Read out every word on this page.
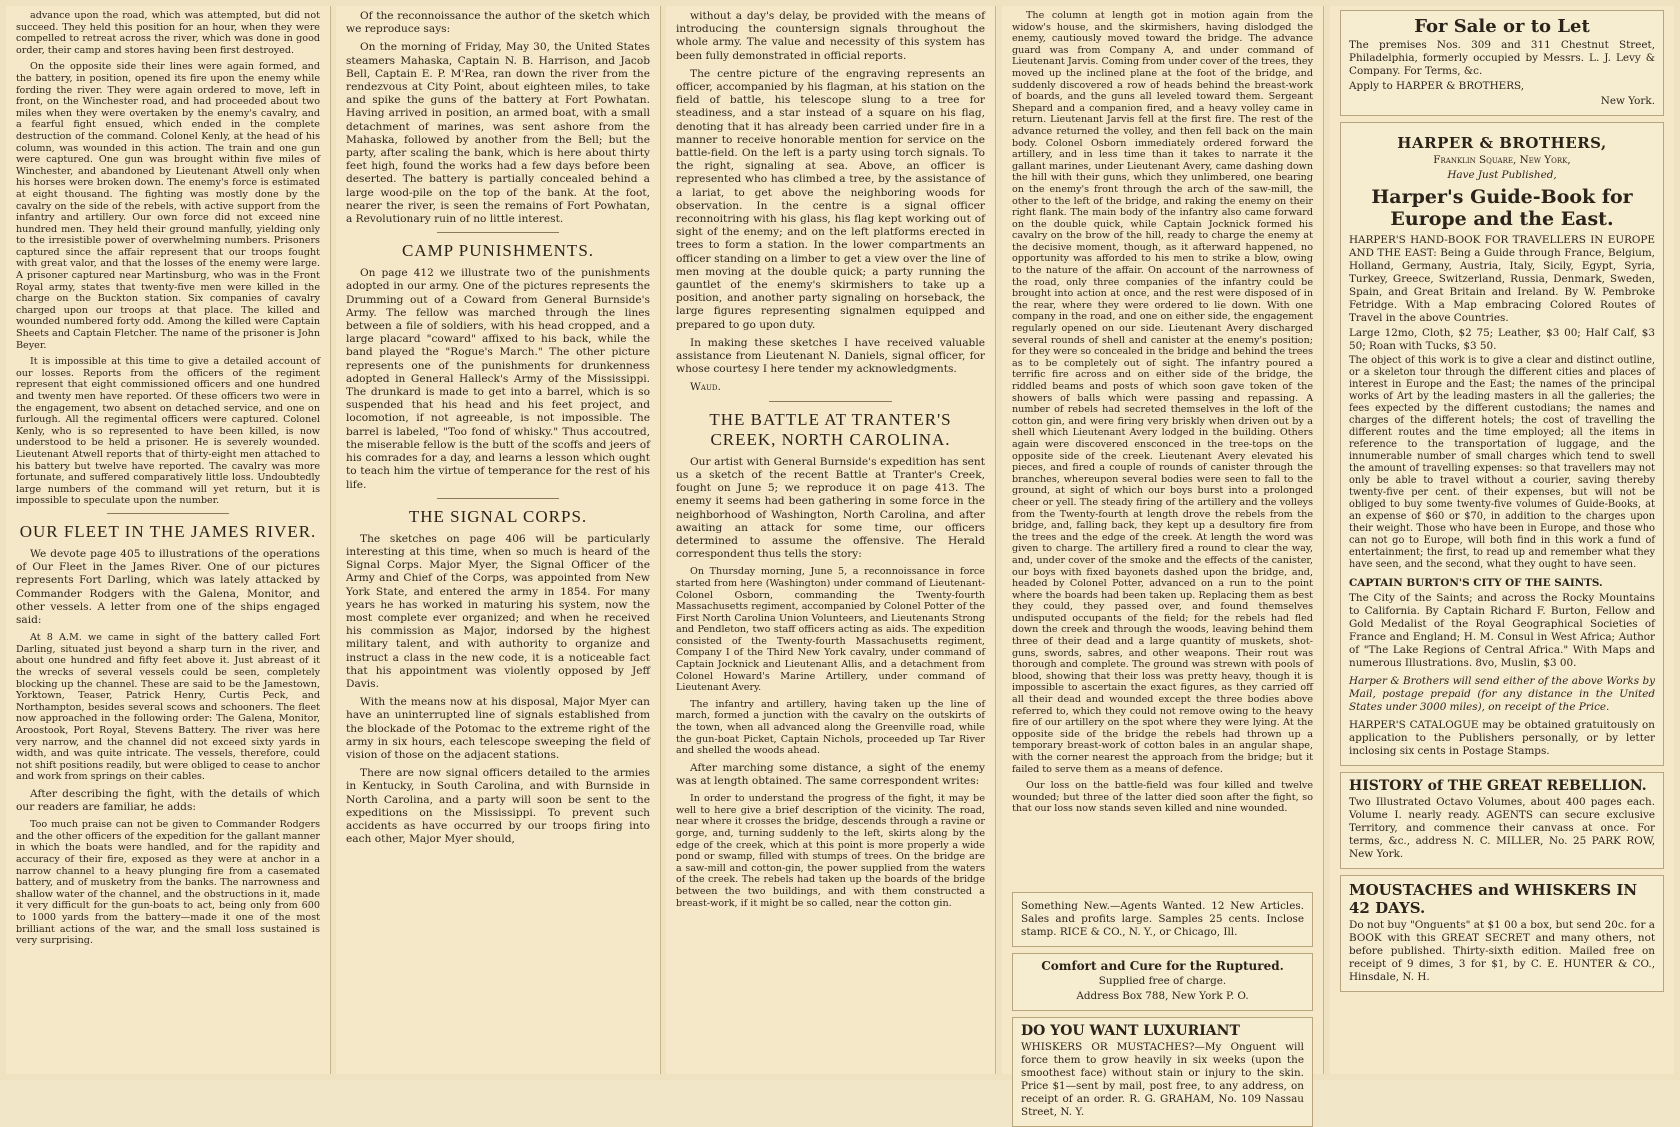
advance upon the road, which was attempted, but did not succeed. They held this position for an hour, when they were compelled to retreat across the river, which was done in good order, their camp and stores having been first destroyed.

On the opposite side their lines were again formed, and the battery, in position, opened its fire upon the enemy while fording the river. They were again ordered to move, left in front, on the Winchester road, and had proceeded about two miles when they were overtaken by the enemy's cavalry, and a fearful fight ensued, which ended in the complete destruction of the command. Colonel Kenly, at the head of his column, was wounded in this action. The train and one gun were captured. One gun was brought within five miles of Winchester, and abandoned by Lieutenant Atwell only when his horses were broken down. The enemy's force is estimated at eight thousand. The fighting was mostly done by the cavalry on the side of the rebels, with active support from the infantry and artillery. Our own force did not exceed nine hundred men. They held their ground manfully, yielding only to the irresistible power of overwhelming numbers. Prisoners captured since the affair represent that our troops fought with great valor, and that the losses of the enemy were large. A prisoner captured near Martinsburg, who was in the Front Royal army, states that twenty-five men were killed in the charge on the Buckton station. Six companies of cavalry charged upon our troops at that place. The killed and wounded numbered forty odd. Among the killed were Captain Sheets and Captain Fletcher. The name of the prisoner is John Beyer.

It is impossible at this time to give a detailed account of our losses. Reports from the officers of the regiment represent that eight commissioned officers and one hundred and twenty men have reported. Of these officers two were in the engagement, two absent on detached service, and one on furlough. All the regimental officers were captured. Colonel Kenly, who is so represented to have been killed, is now understood to be held a prisoner. He is severely wounded. Lieutenant Atwell reports that of thirty-eight men attached to his battery but twelve have reported. The cavalry was more fortunate, and suffered comparatively little loss. Undoubtedly large numbers of the command will yet return, but it is impossible to speculate upon the number.

OUR FLEET IN THE JAMES RIVER.

We devote page 405 to illustrations of the operations of Our Fleet in the James River. One of our pictures represents Fort Darling, which was lately attacked by Commander Rodgers with the Galena, Monitor, and other vessels. A letter from one of the ships engaged said:

At 8 A.M. we came in sight of the battery called Fort Darling, situated just beyond a sharp turn in the river, and about one hundred and fifty feet above it. Just abreast of it the wrecks of several vessels could be seen, completely blocking up the channel. These are said to be the Jamestown, Yorktown, Teaser, Patrick Henry, Curtis Peck, and Northampton, besides several scows and schooners. The fleet now approached in the following order: The Galena, Monitor, Aroostook, Port Royal, Stevens Battery. The river was here very narrow, and the channel did not exceed sixty yards in width, and was quite intricate. The vessels, therefore, could not shift positions readily, but were obliged to cease to anchor and work from springs on their cables.

After describing the fight, with the details of which our readers are familiar, he adds:

Too much praise can not be given to Commander Rodgers and the other officers of the expedition for the gallant manner in which the boats were handled, and for the rapidity and accuracy of their fire, exposed as they were at anchor in a narrow channel to a heavy plunging fire from a casemated battery, and of musketry from the banks. The narrowness and shallow water of the channel, and the obstructions in it, made it very difficult for the gun-boats to act, being only from 600 to 1000 yards from the battery—made it one of the most brilliant actions of the war, and the small loss sustained is very surprising.

Of the reconnoissance the author of the sketch which we reproduce says:

On the morning of Friday, May 30, the United States steamers Mahaska, Captain N. B. Harrison, and Jacob Bell, Captain E. P. M'Rea, ran down the river from the rendezvous at City Point, about eighteen miles, to take and spike the guns of the battery at Fort Powhatan. Having arrived in position, an armed boat, with a small detachment of marines, was sent ashore from the Mahaska, followed by another from the Bell; but the party, after scaling the bank, which is here about thirty feet high, found the works had a few days before been deserted. The battery is partially concealed behind a large wood-pile on the top of the bank. At the foot, nearer the river, is seen the remains of Fort Powhatan, a Revolutionary ruin of no little interest.

CAMP PUNISHMENTS.

On page 412 we illustrate two of the punishments adopted in our army. One of the pictures represents the Drumming out of a Coward from General Burnside's Army. The fellow was marched through the lines between a file of soldiers, with his head cropped, and a large placard "coward" affixed to his back, while the band played the "Rogue's March." The other picture represents one of the punishments for drunkenness adopted in General Halleck's Army of the Mississippi. The drunkard is made to get into a barrel, which is so suspended that his head and his feet project, and locomotion, if not agreeable, is not impossible. The barrel is labeled, "Too fond of whisky." Thus accoutred, the miserable fellow is the butt of the scoffs and jeers of his comrades for a day, and learns a lesson which ought to teach him the virtue of temperance for the rest of his life.

THE SIGNAL CORPS.

The sketches on page 406 will be particularly interesting at this time, when so much is heard of the Signal Corps. Major Myer, the Signal Officer of the Army and Chief of the Corps, was appointed from New York State, and entered the army in 1854. For many years he has worked in maturing his system, now the most complete ever organized; and when he received his commission as Major, indorsed by the highest military talent, and with authority to organize and instruct a class in the new code, it is a noticeable fact that his appointment was violently opposed by Jeff Davis.

With the means now at his disposal, Major Myer can have an uninterrupted line of signals established from the blockade of the Potomac to the extreme right of the army in six hours, each telescope sweeping the field of vision of those on the adjacent stations.

There are now signal officers detailed to the armies in Kentucky, in South Carolina, and with Burnside in North Carolina, and a party will soon be sent to the expeditions on the Mississippi. To prevent such accidents as have occurred by our troops firing into each other, Major Myer should,

without a day's delay, be provided with the means of introducing the countersign signals throughout the whole army. The value and necessity of this system has been fully demonstrated in official reports.

The centre picture of the engraving represents an officer, accompanied by his flagman, at his station on the field of battle, his telescope slung to a tree for steadiness, and a star instead of a square on his flag, denoting that it has already been carried under fire in a manner to receive honorable mention for service on the battle-field. On the left is a party using torch signals. To the right, signaling at sea. Above, an officer is represented who has climbed a tree, by the assistance of a lariat, to get above the neighboring woods for observation. In the centre is a signal officer reconnoitring with his glass, his flag kept working out of sight of the enemy; and on the left platforms erected in trees to form a station. In the lower compartments an officer standing on a limber to get a view over the line of men moving at the double quick; a party running the gauntlet of the enemy's skirmishers to take up a position, and another party signaling on horseback, the large figures representing signalmen equipped and prepared to go upon duty.

In making these sketches I have received valuable assistance from Lieutenant N. Daniels, signal officer, for whose courtesy I here tender my acknowledgments.

Waud.

THE BATTLE AT TRANTER'S CREEK, NORTH CAROLINA.

Our artist with General Burnside's expedition has sent us a sketch of the recent Battle at Tranter's Creek, fought on June 5; we reproduce it on page 413. The enemy it seems had been gathering in some force in the neighborhood of Washington, North Carolina, and after awaiting an attack for some time, our officers determined to assume the offensive. The Herald correspondent thus tells the story:

On Thursday morning, June 5, a reconnoissance in force started from here (Washington) under command of Lieutenant-Colonel Osborn, commanding the Twenty-fourth Massachusetts regiment, accompanied by Colonel Potter of the First North Carolina Union Volunteers, and Lieutenants Strong and Pendleton, two staff officers acting as aids. The expedition consisted of the Twenty-fourth Massachusetts regiment, Company I of the Third New York cavalry, under command of Captain Jocknick and Lieutenant Allis, and a detachment from Colonel Howard's Marine Artillery, under command of Lieutenant Avery.

The infantry and artillery, having taken up the line of march, formed a junction with the cavalry on the outskirts of the town, when all advanced along the Greenville road, while the gun-boat Picket, Captain Nichols, proceeded up Tar River and shelled the woods ahead.

After marching some distance, a sight of the enemy was at length obtained. The same correspondent writes:

In order to understand the progress of the fight, it may be well to here give a brief description of the vicinity. The road, near where it crosses the bridge, descends through a ravine or gorge, and, turning suddenly to the left, skirts along by the edge of the creek, which at this point is more properly a wide pond or swamp, filled with stumps of trees. On the bridge are a saw-mill and cotton-gin, the power supplied from the waters of the creek. The rebels had taken up the boards of the bridge between the two buildings, and with them constructed a breast-work, if it might be so called, near the cotton gin.

The column at length got in motion again from the widow's house, and the skirmishers, having dislodged the enemy, cautiously moved toward the bridge. The advance guard was from Company A, and under command of Lieutenant Jarvis. Coming from under cover of the trees, they moved up the inclined plane at the foot of the bridge, and suddenly discovered a row of heads behind the breast-work of boards, and the guns all leveled toward them. Sergeant Shepard and a companion fired, and a heavy volley came in return. Lieutenant Jarvis fell at the first fire. The rest of the advance returned the volley, and then fell back on the main body. Colonel Osborn immediately ordered forward the artillery, and in less time than it takes to narrate it the gallant marines, under Lieutenant Avery, came dashing down the hill with their guns, which they unlimbered, one bearing on the enemy's front through the arch of the saw-mill, the other to the left of the bridge, and raking the enemy on their right flank. The main body of the infantry also came forward on the double quick, while Captain Jocknick formed his cavalry on the brow of the hill, ready to charge the enemy at the decisive moment, though, as it afterward happened, no opportunity was afforded to his men to strike a blow, owing to the nature of the affair. On account of the narrowness of the road, only three companies of the infantry could be brought into action at once, and the rest were disposed of in the rear, where they were ordered to lie down. With one company in the road, and one on either side, the engagement regularly opened on our side. Lieutenant Avery discharged several rounds of shell and canister at the enemy's position; for they were so concealed in the bridge and behind the trees as to be completely out of sight. The infantry poured a terrific fire across and on either side of the bridge, the riddled beams and posts of which soon gave token of the showers of balls which were passing and repassing. A number of rebels had secreted themselves in the loft of the cotton gin, and were firing very briskly when driven out by a shell which Lieutenant Avery lodged in the building. Others again were discovered ensconced in the tree-tops on the opposite side of the creek. Lieutenant Avery elevated his pieces, and fired a couple of rounds of canister through the branches, whereupon several bodies were seen to fall to the ground, at sight of which our boys burst into a prolonged cheer or yell. The steady firing of the artillery and the volleys from the Twenty-fourth at length drove the rebels from the bridge, and, falling back, they kept up a desultory fire from the trees and the edge of the creek. At length the word was given to charge. The artillery fired a round to clear the way, and, under cover of the smoke and the effects of the canister, our boys with fixed bayonets dashed upon the bridge, and, headed by Colonel Potter, advanced on a run to the point where the boards had been taken up. Replacing them as best they could, they passed over, and found themselves undisputed occupants of the field; for the rebels had fled down the creek and through the woods, leaving behind them three of their dead and a large quantity of muskets, shot-guns, swords, sabres, and other weapons. Their rout was thorough and complete. The ground was strewn with pools of blood, showing that their loss was pretty heavy, though it is impossible to ascertain the exact figures, as they carried off all their dead and wounded except the three bodies above referred to, which they could not remove owing to the heavy fire of our artillery on the spot where they were lying. At the opposite side of the bridge the rebels had thrown up a temporary breast-work of cotton bales in an angular shape, with the corner nearest the approach from the bridge; but it failed to serve them as a means of defence.

Our loss on the battle-field was four killed and twelve wounded; but three of the latter died soon after the fight, so that our loss now stands seven killed and nine wounded.

Something New.—Agents Wanted. 12 New Articles. Sales and profits large. Samples 25 cents. Inclose stamp. RICE & CO., N. Y., or Chicago, Ill.
Comfort and Cure for the Ruptured.
Supplied free of charge.
Address Box 788, New York P. O.
DO YOU WANT LUXURIANT
WHISKERS OR MUSTACHES?—My Onguent will force them to grow heavily in six weeks (upon the smoothest face) without stain or injury to the skin. Price $1—sent by mail, post free, to any address, on receipt of an order. R. G. GRAHAM, No. 109 Nassau Street, N. Y.
For Sale or to Let
The premises Nos. 309 and 311 Chestnut Street, Philadelphia, formerly occupied by Messrs. L. J. Levy & Company. For Terms, &c.
Apply to HARPER & BROTHERS,
New York.
HARPER & BROTHERS,
Franklin Square, New York,
Have Just Published,
Harper's Guide-Book for Europe and the East.
HARPER'S HAND-BOOK FOR TRAVELLERS IN EUROPE AND THE EAST: Being a Guide through France, Belgium, Holland, Germany, Austria, Italy, Sicily, Egypt, Syria, Turkey, Greece, Switzerland, Russia, Denmark, Sweden, Spain, and Great Britain and Ireland. By W. Pembroke Fetridge. With a Map embracing Colored Routes of Travel in the above Countries.
Large 12mo, Cloth, $2 75; Leather, $3 00; Half Calf, $3 50; Roan with Tucks, $3 50.
The object of this work is to give a clear and distinct outline, or a skeleton tour through the different cities and places of interest in Europe and the East; the names of the principal works of Art by the leading masters in all the galleries; the fees expected by the different custodians; the names and charges of the different hotels; the cost of travelling the different routes and the time employed; all the items in reference to the transportation of luggage, and the innumerable number of small charges which tend to swell the amount of travelling expenses: so that travellers may not only be able to travel without a courier, saving thereby twenty-five per cent. of their expenses, but will not be obliged to buy some twenty-five volumes of Guide-Books, at an expense of $60 or $70, in addition to the charges upon their weight. Those who have been in Europe, and those who can not go to Europe, will both find in this work a fund of entertainment; the first, to read up and remember what they have seen, and the second, what they ought to have seen.
CAPTAIN BURTON'S CITY OF THE SAINTS.
The City of the Saints; and across the Rocky Mountains to California. By Captain Richard F. Burton, Fellow and Gold Medalist of the Royal Geographical Societies of France and England; H. M. Consul in West Africa; Author of "The Lake Regions of Central Africa." With Maps and numerous Illustrations. 8vo, Muslin, $3 00.
Harper & Brothers will send either of the above Works by Mail, postage prepaid (for any distance in the United States under 3000 miles), on receipt of the Price.
HARPER'S CATALOGUE may be obtained gratuitously on application to the Publishers personally, or by letter inclosing six cents in Postage Stamps.
HISTORY of THE GREAT REBELLION.
Two Illustrated Octavo Volumes, about 400 pages each. Volume I. nearly ready. AGENTS can secure exclusive Territory, and commence their canvass at once. For terms, &c., address N. C. MILLER, No. 25 PARK ROW, New York.
MOUSTACHES and WHISKERS IN 42 DAYS.
Do not buy "Onguents" at $1 00 a box, but send 20c. for a BOOK with this GREAT SECRET and many others, not before published. Thirty-sixth edition. Mailed free on receipt of 9 dimes, 3 for $1, by C. E. HUNTER & CO., Hinsdale, N. H.
